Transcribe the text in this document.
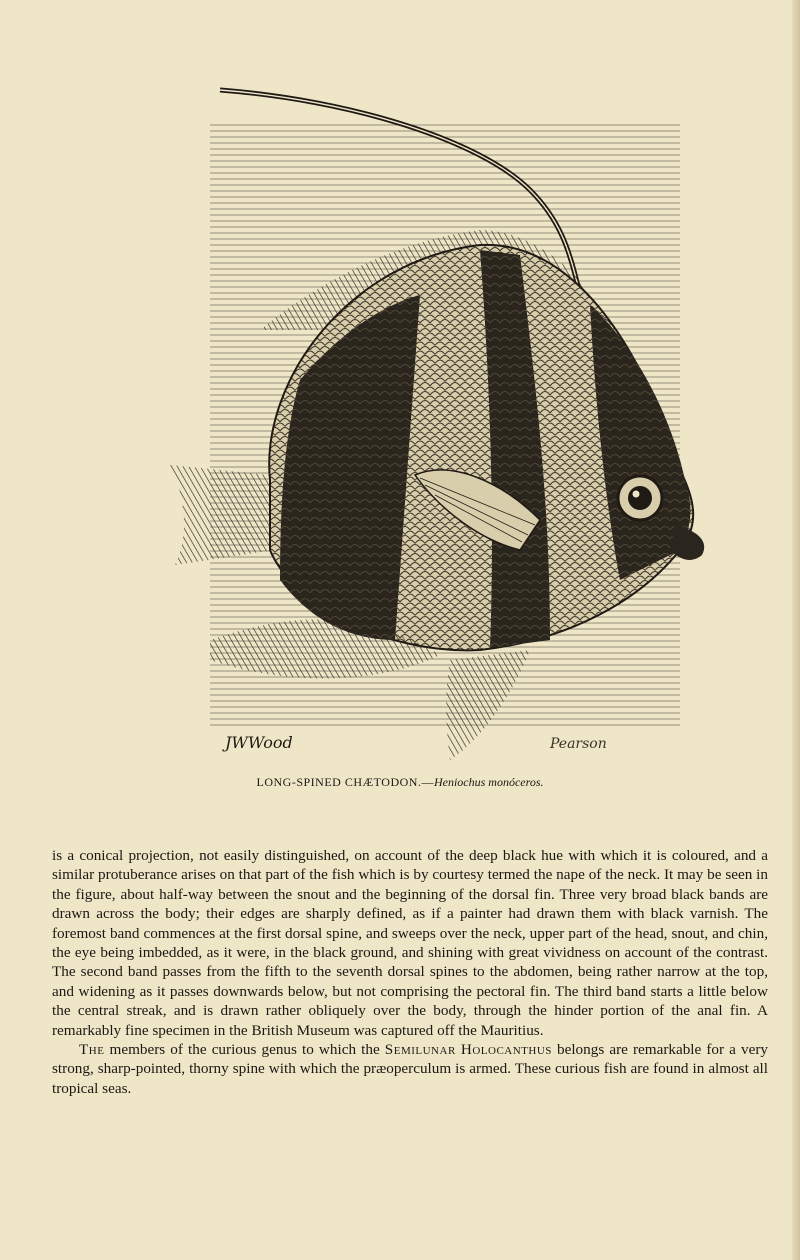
JWWood	Pearson
LONG-SPINED CHÆTODON.—Heniochus monóceros.

is a conical projection, not easily distinguished, on account of the deep black hue with which it is coloured, and a similar protuberance arises on that part of the fish which is by courtesy termed the nape of the neck. It may be seen in the figure, about half-way between the snout and the beginning of the dorsal fin. Three very broad black bands are drawn across the body; their edges are sharply defined, as if a painter had drawn them with black varnish. The foremost band commences at the first dorsal spine, and sweeps over the neck, upper part of the head, snout, and chin, the eye being imbedded, as it were, in the black ground, and shining with great vividness on account of the contrast. The second band passes from the fifth to the seventh dorsal spines to the abdomen, being rather narrow at the top, and widening as it passes downwards below, but not comprising the pectoral fin. The third band starts a little below the central streak, and is drawn rather obliquely over the body, through the hinder portion of the anal fin. A remarkably fine specimen in the British Museum was captured off the Mauritius.

The members of the curious genus to which the Semilunar Holocanthus belongs are remarkable for a very strong, sharp-pointed, thorny spine with which the præoperculum is armed. These curious fish are found in almost all tropical seas.
